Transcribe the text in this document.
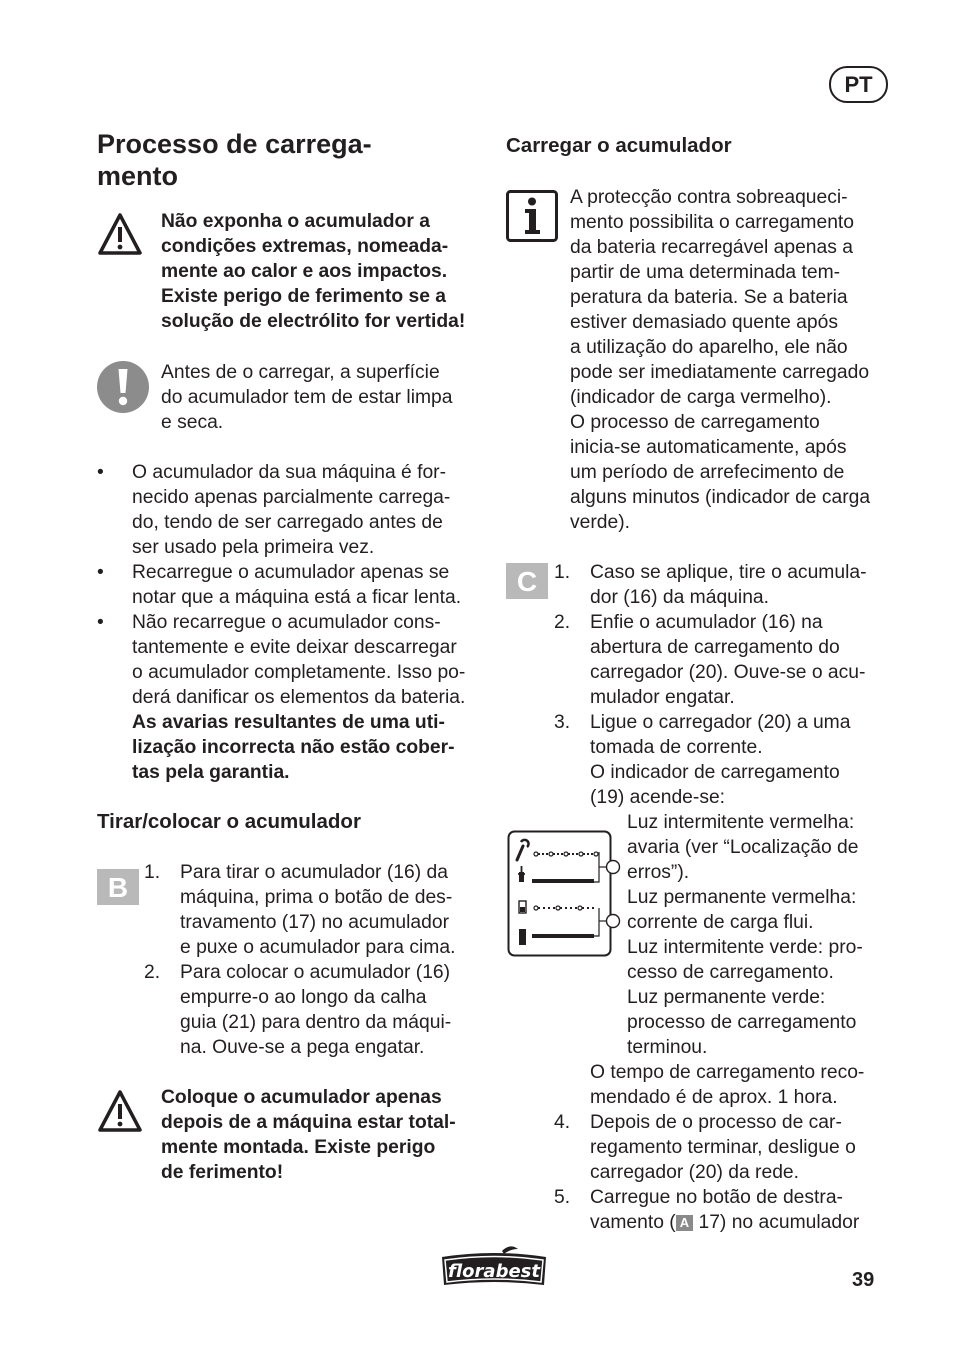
PT
Processo de carrega-
mento
Não exponha o acumulador a
condições extremas, nomeada-
mente ao calor e aos impactos.
Existe perigo de ferimento se a
solução de electrólito for vertida!
Antes de o carregar, a superfície
do acumulador tem de estar limpa
e seca.
• O acumulador da sua máquina é for-
necido apenas parcialmente carrega-
do, tendo de ser carregado antes de
ser usado pela primeira vez.
• Recarregue o acumulador apenas se
notar que a máquina está a ficar lenta.
• Não recarregue o acumulador cons-
tantemente e evite deixar descarregar
o acumulador completamente. Isso po-
derá danificar os elementos da bateria.
As avarias resultantes de uma uti-
lização incorrecta não estão cober-
tas pela garantia.
Tirar/colocar o acumulador
B 1. Para tirar o acumulador (16) da
máquina, prima o botão de des-
travamento (17) no acumulador
e puxe o acumulador para cima.
2. Para colocar o acumulador (16)
empurre-o ao longo da calha
guia (21) para dentro da máqui-
na. Ouve-se a pega engatar.
Coloque o acumulador apenas
depois de a máquina estar total-
mente montada. Existe perigo
de ferimento!
Carregar o acumulador
A protecção contra sobreaqueci-
mento possibilita o carregamento
da bateria recarregável apenas a
partir de uma determinada tem-
peratura da bateria. Se a bateria
estiver demasiado quente após
a utilização do aparelho, ele não
pode ser imediatamente carregado
(indicador de carga vermelho).
O processo de carregamento
inicia-se automaticamente, após
um período de arrefecimento de
alguns minutos (indicador de carga
verde).
C 1. Caso se aplique, tire o acumula-
dor (16) da máquina.
2. Enfie o acumulador (16) na
abertura de carregamento do
carregador (20). Ouve-se o acu-
mulador engatar.
3. Ligue o carregador (20) a uma
tomada de corrente.
O indicador de carregamento
(19) acende-se:
Luz intermitente vermelha:
avaria (ver “Localização de
erros”).
Luz permanente vermelha:
corrente de carga flui.
Luz intermitente verde: pro-
cesso de carregamento.
Luz permanente verde:
processo de carregamento
terminou.
O tempo de carregamento reco-
mendado é de aprox. 1 hora.
4. Depois de o processo de car-
regamento terminar, desligue o
carregador (20) da rede.
5. Carregue no botão de destra-
vamento ( A 17) no acumulador
florabest	39
